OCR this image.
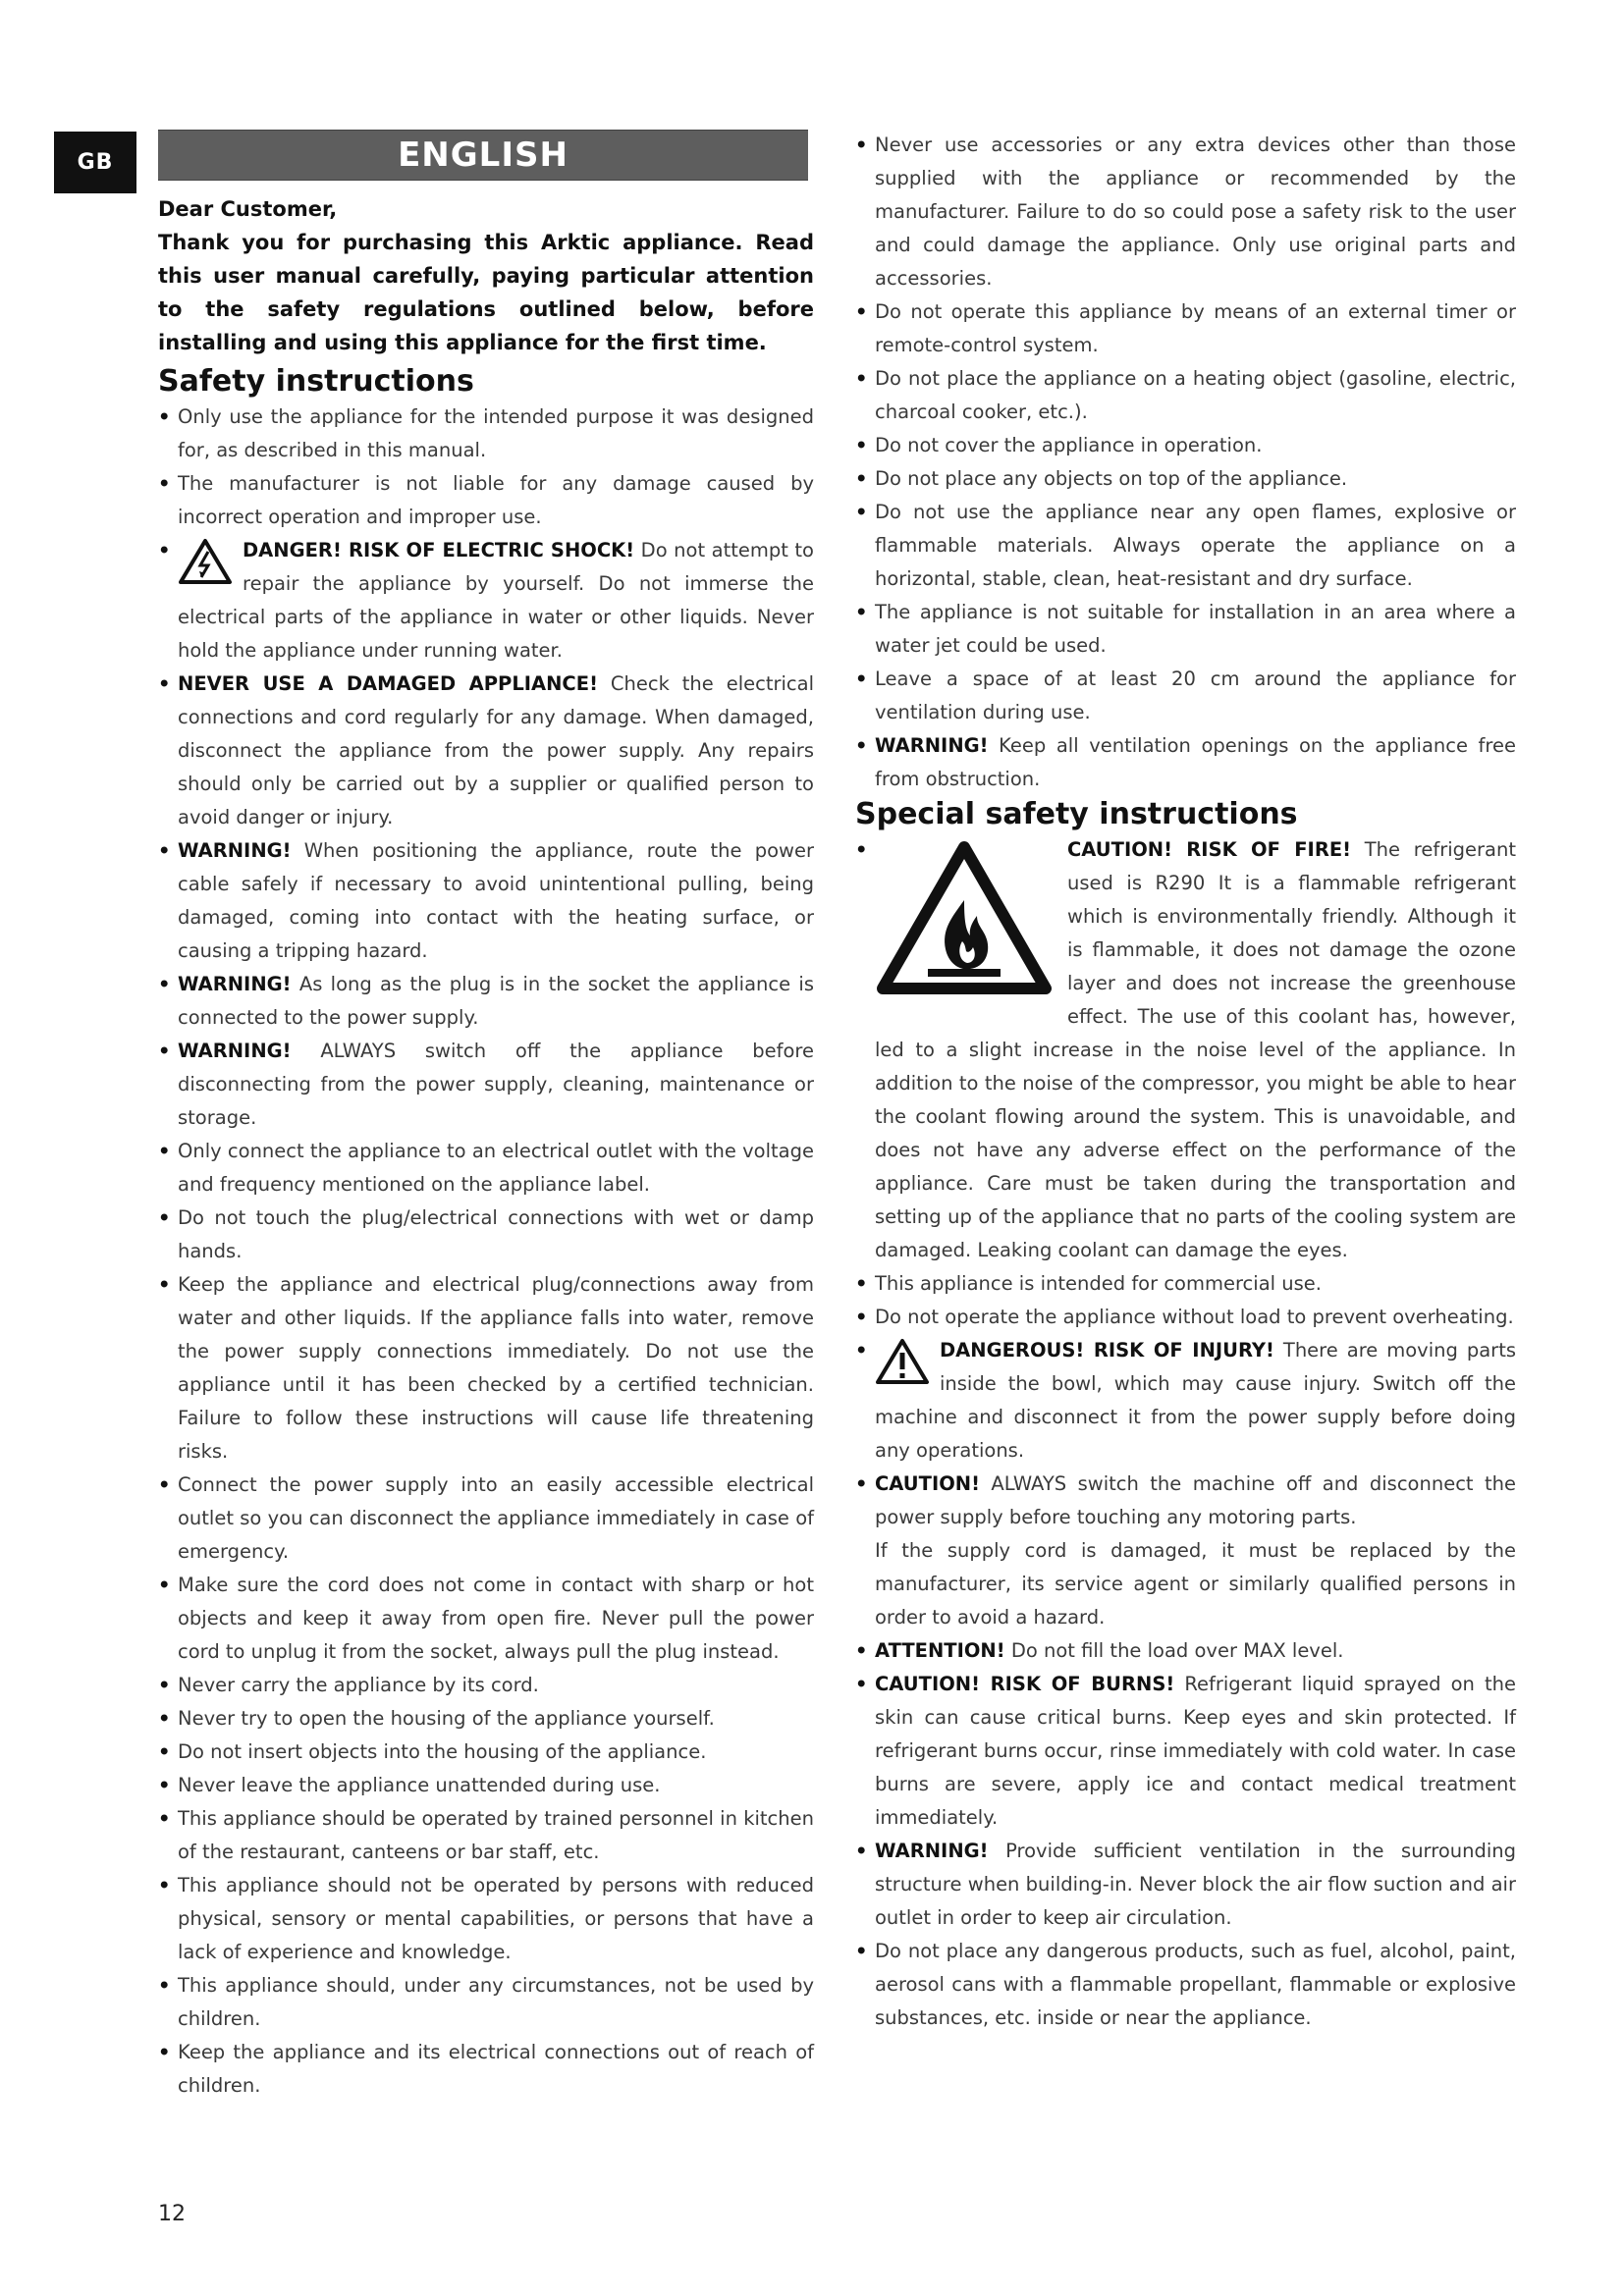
GB	ENGLISH

Dear Customer,

Thank you for purchasing this Arktic appliance. Read this user manual carefully, paying particular attention to the safety regulations outlined below, before installing and using this appliance for the first time.

Safety instructions
• Only use the appliance for the intended purpose it was designed for, as described in this manual.
• The manufacturer is not liable for any damage caused by incorrect operation and improper use.
• DANGER! RISK OF ELECTRIC SHOCK! Do not attempt to repair the appliance by yourself. Do not immerse the electrical parts of the appliance in water or other liquids. Never hold the appliance under running water.
• NEVER USE A DAMAGED APPLIANCE! Check the electrical connections and cord regularly for any damage. When damaged, disconnect the appliance from the power supply. Any repairs should only be carried out by a supplier or qualified person to avoid danger or injury.
• WARNING! When positioning the appliance, route the power cable safely if necessary to avoid unintentional pulling, being damaged, coming into contact with the heating surface, or causing a tripping hazard.
• WARNING! As long as the plug is in the socket the appliance is connected to the power supply.
• WARNING! ALWAYS switch off the appliance before disconnecting from the power supply, cleaning, maintenance or storage.
• Only connect the appliance to an electrical outlet with the voltage and frequency mentioned on the appliance label.
• Do not touch the plug/electrical connections with wet or damp hands.
• Keep the appliance and electrical plug/connections away from water and other liquids. If the appliance falls into water, remove the power supply connections immediately. Do not use the appliance until it has been checked by a certified technician. Failure to follow these instructions will cause life threatening risks.
• Connect the power supply into an easily accessible electrical outlet so you can disconnect the appliance immediately in case of emergency.
• Make sure the cord does not come in contact with sharp or hot objects and keep it away from open fire. Never pull the power cord to unplug it from the socket, always pull the plug instead.
• Never carry the appliance by its cord.
• Never try to open the housing of the appliance yourself.
• Do not insert objects into the housing of the appliance.
• Never leave the appliance unattended during use.
• This appliance should be operated by trained personnel in kitchen of the restaurant, canteens or bar staff, etc.
• This appliance should not be operated by persons with reduced physical, sensory or mental capabilities, or persons that have a lack of experience and knowledge.
• This appliance should, under any circumstances, not be used by children.
• Keep the appliance and its electrical connections out of reach of children.
• Never use accessories or any extra devices other than those supplied with the appliance or recommended by the manufacturer. Failure to do so could pose a safety risk to the user and could damage the appliance. Only use original parts and accessories.
• Do not operate this appliance by means of an external timer or remote-control system.
• Do not place the appliance on a heating object (gasoline, electric, charcoal cooker, etc.).
• Do not cover the appliance in operation.
• Do not place any objects on top of the appliance.
• Do not use the appliance near any open flames, explosive or flammable materials. Always operate the appliance on a horizontal, stable, clean, heat-resistant and dry surface.
• The appliance is not suitable for installation in an area where a water jet could be used.
• Leave a space of at least 20 cm around the appliance for ventilation during use.
• WARNING! Keep all ventilation openings on the appliance free from obstruction.
Special safety instructions
• CAUTION! RISK OF FIRE! The refrigerant used is R290 It is a flammable refrigerant which is environmentally friendly. Although it is flammable, it does not damage the ozone layer and does not increase the greenhouse effect. The use of this coolant has, however, led to a slight increase in the noise level of the appliance. In addition to the noise of the compressor, you might be able to hear the coolant flowing around the system. This is unavoidable, and does not have any adverse effect on the performance of the appliance. Care must be taken during the transportation and setting up of the appliance that no parts of the cooling system are damaged. Leaking coolant can damage the eyes.
• This appliance is intended for commercial use.
• Do not operate the appliance without load to prevent overheating.
• DANGEROUS! RISK OF INJURY! There are moving parts inside the bowl, which may cause injury. Switch off the machine and disconnect it from the power supply before doing any operations.
• CAUTION! ALWAYS switch the machine off and disconnect the power supply before touching any motoring parts.
If the supply cord is damaged, it must be replaced by the manufacturer, its service agent or similarly qualified persons in order to avoid a hazard.
• ATTENTION! Do not fill the load over MAX level.
• CAUTION! RISK OF BURNS! Refrigerant liquid sprayed on the skin can cause critical burns. Keep eyes and skin protected. If refrigerant burns occur, rinse immediately with cold water. In case burns are severe, apply ice and contact medical treatment immediately.
• WARNING! Provide sufficient ventilation in the surrounding structure when building-in. Never block the air flow suction and air outlet in order to keep air circulation.
• Do not place any dangerous products, such as fuel, alcohol, paint, aerosol cans with a flammable propellant, flammable or explosive substances, etc. inside or near the appliance.
12
